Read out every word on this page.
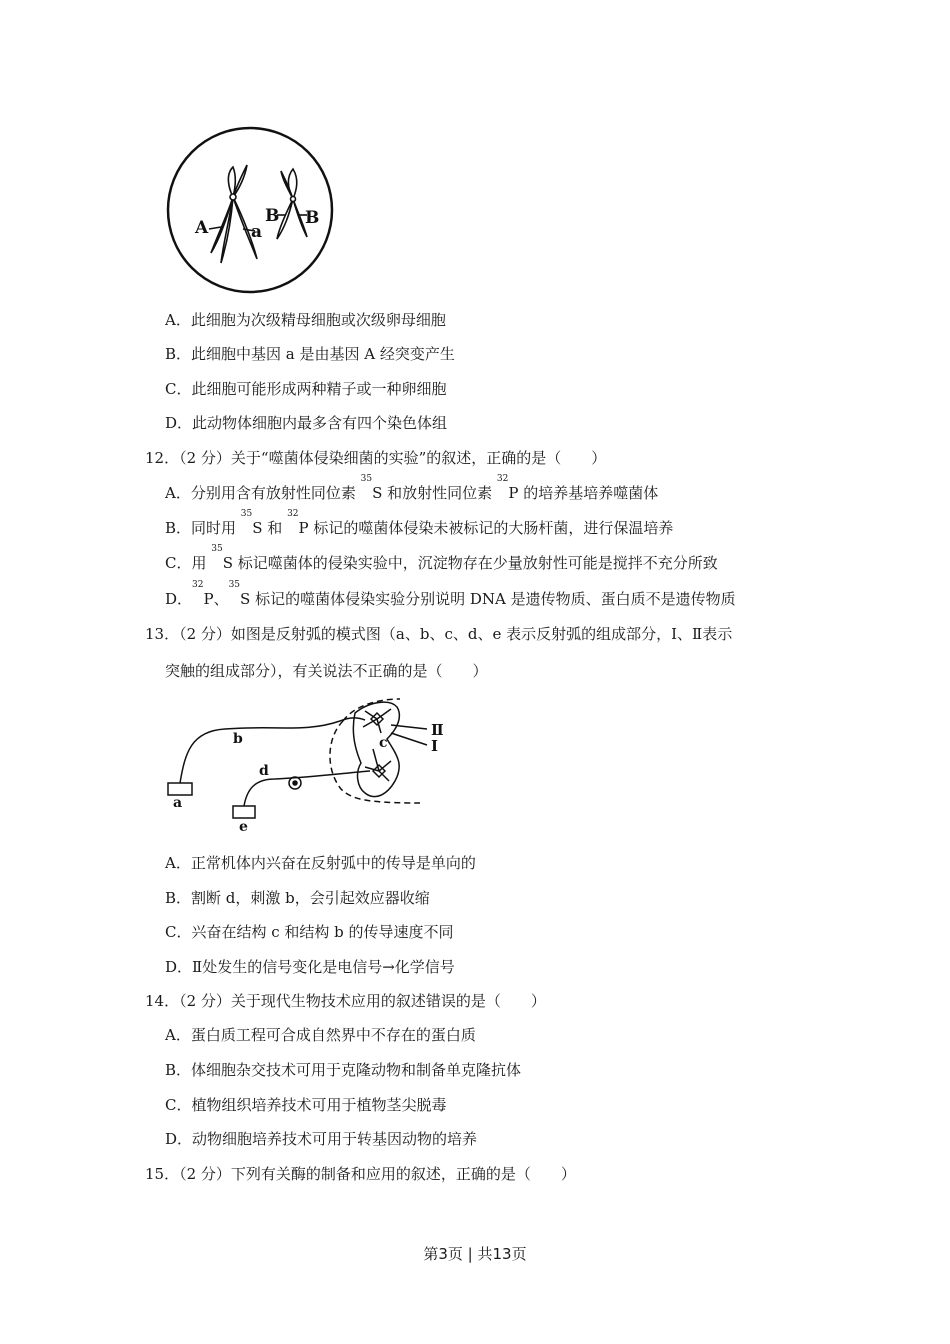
A	a
B B
A．此细胞为次级精母细胞或次级卵母细胞
B．此细胞中基因 a 是由基因 A 经突变产生
C．此细胞可能形成两种精子或一种卵细胞
D．此动物体细胞内最多含有四个染色体组
12．（2 分）关于“噬菌体侵染细菌的实验”的叙述，正确的是（　　）
A．分别用含有放射性同位素 $^{35}$S 和放射性同位素 $^{32}$P 的培养基培养噬菌体
B．同时用 $^{35}$S 和 $^{32}$P 标记的噬菌体侵染未被标记的大肠杆菌，进行保温培养
C．用 $^{35}$S 标记噬菌体的侵染实验中，沉淀物存在少量放射性可能是搅拌不充分所致
D．$^{32}$P、$^{35}$S 标记的噬菌体侵染实验分别说明 DNA 是遗传物质、蛋白质不是遗传物质
13．（2 分）如图是反射弧的模式图（a、b、c、d、e 表示反射弧的组成部分，Ⅰ、Ⅱ表示
突触的组成部分），有关说法不正确的是（　　）
a
b	c
d
e
Ⅱ
Ⅰ
A．正常机体内兴奋在反射弧中的传导是单向的
B．割断 d，刺激 b，会引起效应器收缩
C．兴奋在结构 c 和结构 b 的传导速度不同
D．Ⅱ处发生的信号变化是电信号→化学信号
14．（2 分）关于现代生物技术应用的叙述错误的是（　　）
A．蛋白质工程可合成自然界中不存在的蛋白质
B．体细胞杂交技术可用于克隆动物和制备单克隆抗体
C．植物组织培养技术可用于植物茎尖脱毒
D．动物细胞培养技术可用于转基因动物的培养
15．（2 分）下列有关酶的制备和应用的叙述，正确的是（　　）
第3页 | 共13页
